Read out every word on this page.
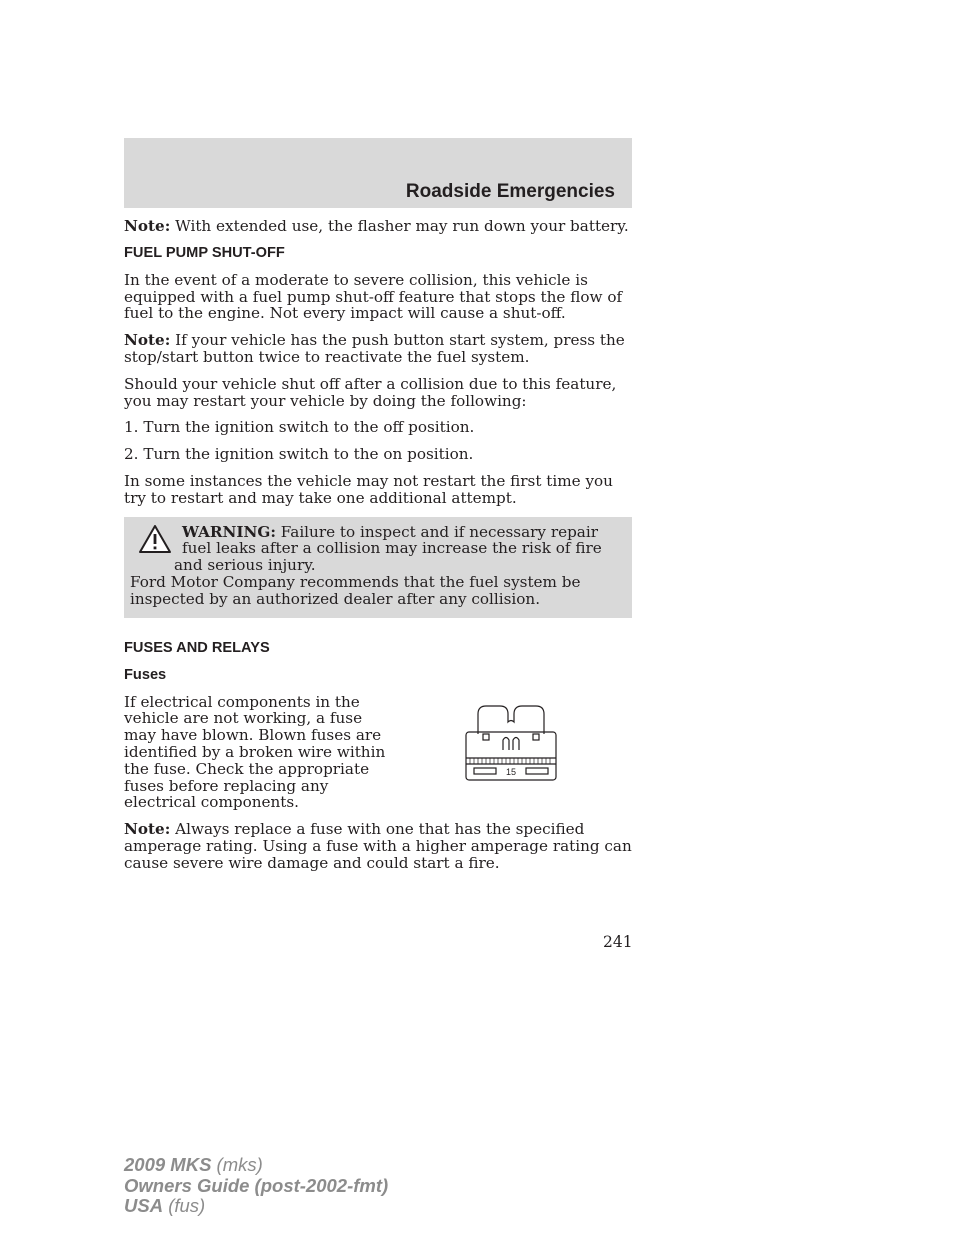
Roadside Emergencies

Note: With extended use, the flasher may run down your battery.

FUEL PUMP SHUT-OFF

In the event of a moderate to severe collision, this vehicle is equipped with a fuel pump shut-off feature that stops the flow of fuel to the engine. Not every impact will cause a shut-off.

Note: If your vehicle has the push button start system, press the stop/start button twice to reactivate the fuel system.

Should your vehicle shut off after a collision due to this feature, you may restart your vehicle by doing the following:

1. Turn the ignition switch to the off position.

2. Turn the ignition switch to the on position.

In some instances the vehicle may not restart the first time you try to restart and may take one additional attempt.

WARNING: Failure to inspect and if necessary repair fuel leaks after a collision may increase the risk of fire and serious injury.
Ford Motor Company recommends that the fuel system be inspected by an authorized dealer after any collision.

FUSES AND RELAYS
Fuses

If electrical components in the vehicle are not working, a fuse may have blown. Blown fuses are identified by a broken wire within the fuse. Check the appropriate fuses before replacing any electrical components.

15

Note: Always replace a fuse with one that has the specified amperage rating. Using a fuse with a higher amperage rating can cause severe wire damage and could start a fire.

241
2009 MKS (mks)
Owners Guide (post-2002-fmt)
USA (fus)
